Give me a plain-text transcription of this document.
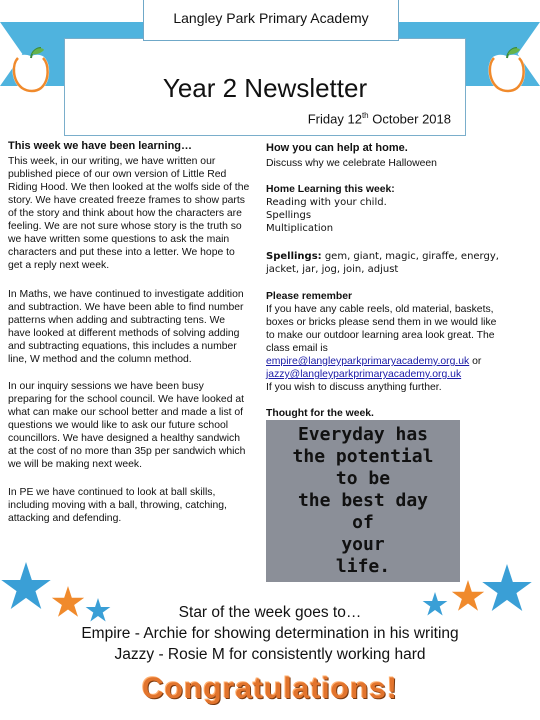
Langley Park Primary Academy
Year 2 Newsletter
Friday 12th October 2018
This week we have been learning…
This week, in our writing, we have written our
published piece of our own version of Little Red
Riding Hood. We then looked at the wolfs side of the
story. We have created freeze frames to show parts
of the story and think about how the characters are
feeling. We are not sure whose story is the truth so
we have written some questions to ask the main
characters and put these into a letter. We hope to
get a reply next week.
In Maths, we have continued to investigate addition
and subtraction. We have been able to find number
patterns when adding and subtracting tens. We
have looked at different methods of solving adding
and subtracting equations, this includes a number
line, W method and the column method.
In our inquiry sessions we have been busy
preparing for the school council. We have looked at
what can make our school better and made a list of
questions we would like to ask our future school
councillors. We have designed a healthy sandwich
at the cost of no more than 35p per sandwich which
we will be making next week.
In PE we have continued to look at ball skills,
including moving with a ball, throwing, catching,
attacking and defending.
How you can help at home.
Discuss why we celebrate Halloween
Home Learning this week:
Reading with your child.
Spellings
Multiplication
Spellings: gem, giant, magic, giraffe, energy,
jacket, jar, jog, join, adjust
Please remember
If you have any cable reels, old material, baskets,
boxes or bricks please send them in we would like
to make our outdoor learning area look great. The
class email is
empire@langleyparkprimaryacademy.org.uk or
jazzy@langleyparkprimaryacademy.org.uk
If you wish to discuss anything further.
Thought for the week.
Everyday has
the potential
to be
the best day
of
your
life.
Star of the week goes to…
Empire - Archie for showing determination in his writing
Jazzy - Rosie M for consistently working hard
Congratulations!
